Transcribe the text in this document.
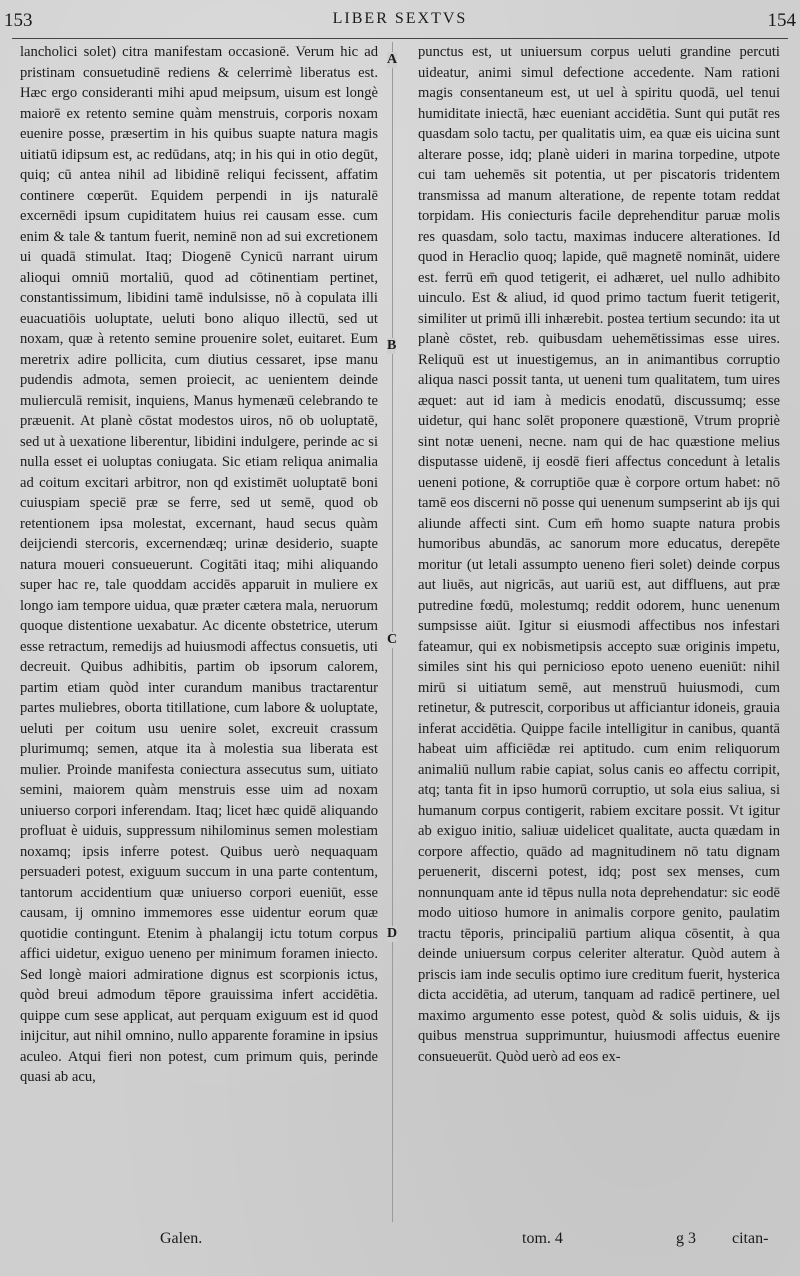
153	LIBER SEXTVS	154

lancholici solet) citra manifestam occasionē. Verum hic ad pristinam consuetudinē rediens & celerrimè liberatus est. Hæc ergo consideranti mihi apud meipsum, uisum est longè maiorē ex retento semine quàm menstruis, corporis noxam euenire posse, præsertim in his quibus suapte natura magis uitiatū idipsum est, ac redūdans, atq; in his qui in otio degūt, quiq; cū antea nihil ad libidinē reliqui fecissent, affatim continere cœperūt. Equidem perpendi in ijs naturalē excernēdi ipsum cupiditatem huius rei causam esse. cum enim & tale & tantum fuerit, neminē non ad sui excretionem ui quadā stimulat. Itaq; Diogenē Cynicū narrant uirum alioqui omniū mortaliū, quod ad cōtinentiam pertinet, constantissimum, libidini tamē indulsisse, nō à copulata illi euacuatiōis uoluptate, ueluti bono aliquo illectū, sed ut noxam, quæ à retento semine prouenire solet, euitaret. Eum meretrix adire pollicita, cum diutius cessaret, ipse manu pudendis admota, semen proiecit, ac uenientem deinde mulierculā remisit, inquiens, Manus hymenæū celebrando te præuenit. At planè cōstat modestos uiros, nō ob uoluptatē, sed ut à uexatione liberentur, libidini indulgere, perinde ac si nulla esset ei uoluptas coniugata. Sic etiam reliqua animalia ad coitum excitari arbitror, non qd existimēt uoluptatē boni cuiuspiam speciē præ se ferre, sed ut semē, quod ob retentionem ipsa molestat, excernant, haud secus quàm deijciendi stercoris, excernendæq; urinæ desiderio, suapte natura moueri consueuerunt. Cogitāti itaq; mihi aliquando super hac re, tale quoddam accidēs apparuit in muliere ex longo iam tempore uidua, quæ præter cætera mala, neruorum quoque distentione uexabatur. Ac dicente obstetrice, uterum esse retractum, remedijs ad huiusmodi affectus consuetis, uti decreuit. Quibus adhibitis, partim ob ipsorum calorem, partim etiam quòd inter curandum manibus tractarentur partes muliebres, oborta titillatione, cum labore & uoluptate, ueluti per coitum usu uenire solet, excreuit crassum plurimumq; semen, atque ita à molestia sua liberata est mulier. Proinde manifesta coniectura assecutus sum, uitiato semini, maiorem quàm menstruis esse uim ad noxam uniuerso corpori inferendam. Itaq; licet hæc quidē aliquando profluat è uiduis, suppressum nihilominus semen molestiam noxamq; ipsis inferre potest. Quibus uerò nequaquam persuaderi potest, exiguum succum in una parte contentum, tantorum accidentium quæ uniuerso corpori eueniūt, esse causam, ij omnino immemores esse uidentur eorum quæ quotidie contingunt. Etenim à phalangij ictu totum corpus affici uidetur, exiguo ueneno per minimum foramen iniecto. Sed longè maiori admiratione dignus est scorpionis ictus, quòd breui admodum tēpore grauissima infert accidētia. quippe cum sese applicat, aut perquam exiguum est id quod inijcitur, aut nihil omnino, nullo apparente foramine in ipsius aculeo. Atqui fieri non potest, cum primum quis, perinde quasi ab acu,

A
B
C
D

punctus est, ut uniuersum corpus ueluti grandine percuti uideatur, animi simul defectione accedente. Nam rationi magis consentaneum est, ut uel à spiritu quodā, uel tenui humiditate iniectā, hæc eueniant accidētia. Sunt qui putāt res quasdam solo tactu, per qualitatis uim, ea quæ eis uicina sunt alterare posse, idq; planè uideri in marina torpedine, utpote cui tam uehemēs sit potentia, ut per piscatoris tridentem transmissa ad manum alteratione, de repente totam reddat torpidam. His coniecturis facile deprehenditur paruæ molis res quasdam, solo tactu, maximas inducere alterationes. Id quod in Heraclio quoq; lapide, quē magnetē nomināt, uidere est. ferrū em̄ quod tetigerit, ei adhæret, uel nullo adhibito uinculo. Est & aliud, id quod primo tactum fuerit tetigerit, similiter ut primū illi inhærebit. postea tertium secundo: ita ut planè cōstet, reb. quibusdam uehemētissimas esse uires. Reliquū est ut inuestigemus, an in animantibus corruptio aliqua nasci possit tanta, ut ueneni tum qualitatem, tum uires æquet: aut id iam à medicis enodatū, discussumq; esse uidetur, qui hanc solēt proponere quæstionē, Vtrum propriè sint notæ ueneni, necne. nam qui de hac quæstione melius disputasse uidenē, ij eosdē fieri affectus concedunt à letalis ueneni potione, & corruptiōe quæ è corpore ortum habet: nō tamē eos discerni nō posse qui uenenum sumpserint ab ijs qui aliunde affecti sint. Cum em̄ homo suapte natura probis humoribus abundās, ac sanorum more educatus, derepēte moritur (ut letali assumpto ueneno fieri solet) deinde corpus aut liuēs, aut nigricās, aut uariū est, aut diffluens, aut præ putredine fœdū, molestumq; reddit odorem, hunc uenenum sumpsisse aiūt. Igitur si eiusmodi affectibus nos infestari fateamur, qui ex nobismetipsis accepto suæ originis impetu, similes sint his qui pernicioso epoto ueneno eueniūt: nihil mirū si uitiatum semē, aut menstruū huiusmodi, cum retinetur, & putrescit, corporibus ut afficiantur idoneis, grauia inferat accidētia. Quippe facile intelligitur in canibus, quantā habeat uim afficiēdæ rei aptitudo. cum enim reliquorum animaliū nullum rabie capiat, solus canis eo affectu corripit, atq; tanta fit in ipso humorū corruptio, ut sola eius saliua, si humanum corpus contigerit, rabiem excitare possit. Vt igitur ab exiguo initio, saliuæ uidelicet qualitate, aucta quædam in corpore affectio, quādo ad magnitudinem nō tatu dignam peruenerit, discerni potest, idq; post sex menses, cum nonnunquam ante id tēpus nulla nota deprehendatur: sic eodē modo uitioso humore in animalis corpore genito, paulatim tractu tēporis, principaliū partium aliqua cōsentit, à qua deinde uniuersum corpus celeriter alteratur. Quòd autem à priscis iam inde seculis optimo iure creditum fuerit, hysterica dicta accidētia, ad uterum, tanquam ad radicē pertinere, uel maximo argumento esse potest, quòd & solis uiduis, & ijs quibus menstrua supprimuntur, huiusmodi affectus euenire consueuerūt. Quòd uerò ad eos ex-

Galen.	tom. 4	g 3 citan-
